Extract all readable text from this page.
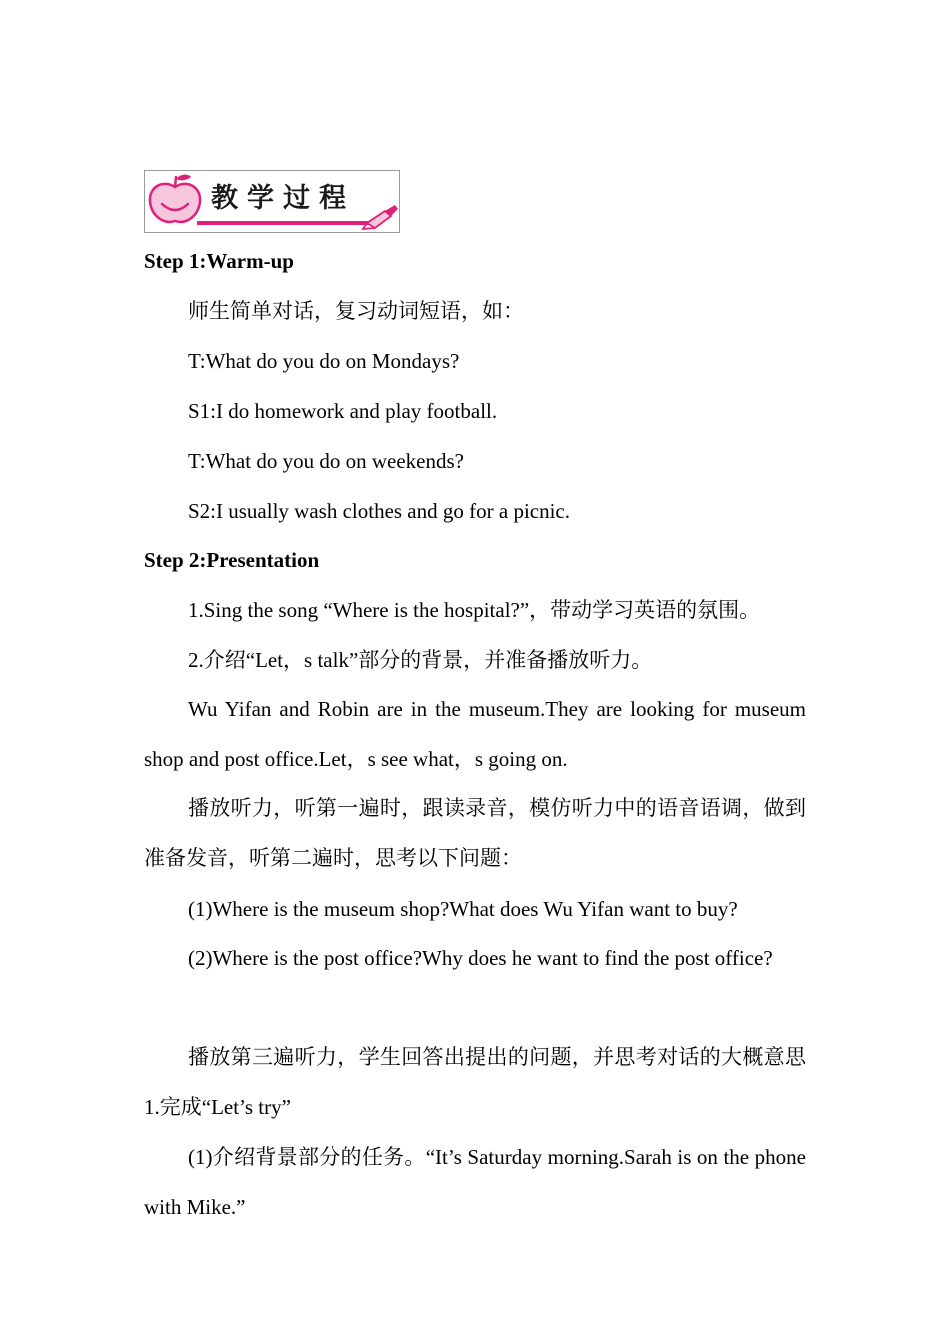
教学过程
Step 1:Warm-up
师生简单对话，复习动词短语，如：
T:What do you do on Mondays?
S1:I do homework and play football.
T:What do you do on weekends?
S2:I usually wash clothes and go for a picnic.
Step 2:Presentation
1.Sing the song “Where is the hospital?”，带动学习英语的氛围。
2.介绍“Let，s talk”部分的背景，并准备播放听力。
Wu Yifan and Robin are in the museum.They are looking for museum shop and post office.Let，s see what，s going on.
播放听力，听第一遍时，跟读录音，模仿听力中的语音语调，做到准备发音，听第二遍时，思考以下问题：
(1)Where is the museum shop?What does Wu Yifan want to buy?
(2)Where is the post office?Why does he want to find the post office?
播放第三遍听力，学生回答出提出的问题，并思考对话的大概意思 1.完成“Let’s try”
(1)介绍背景部分的任务。“It’s Saturday morning.Sarah is on the phone with Mike.”
